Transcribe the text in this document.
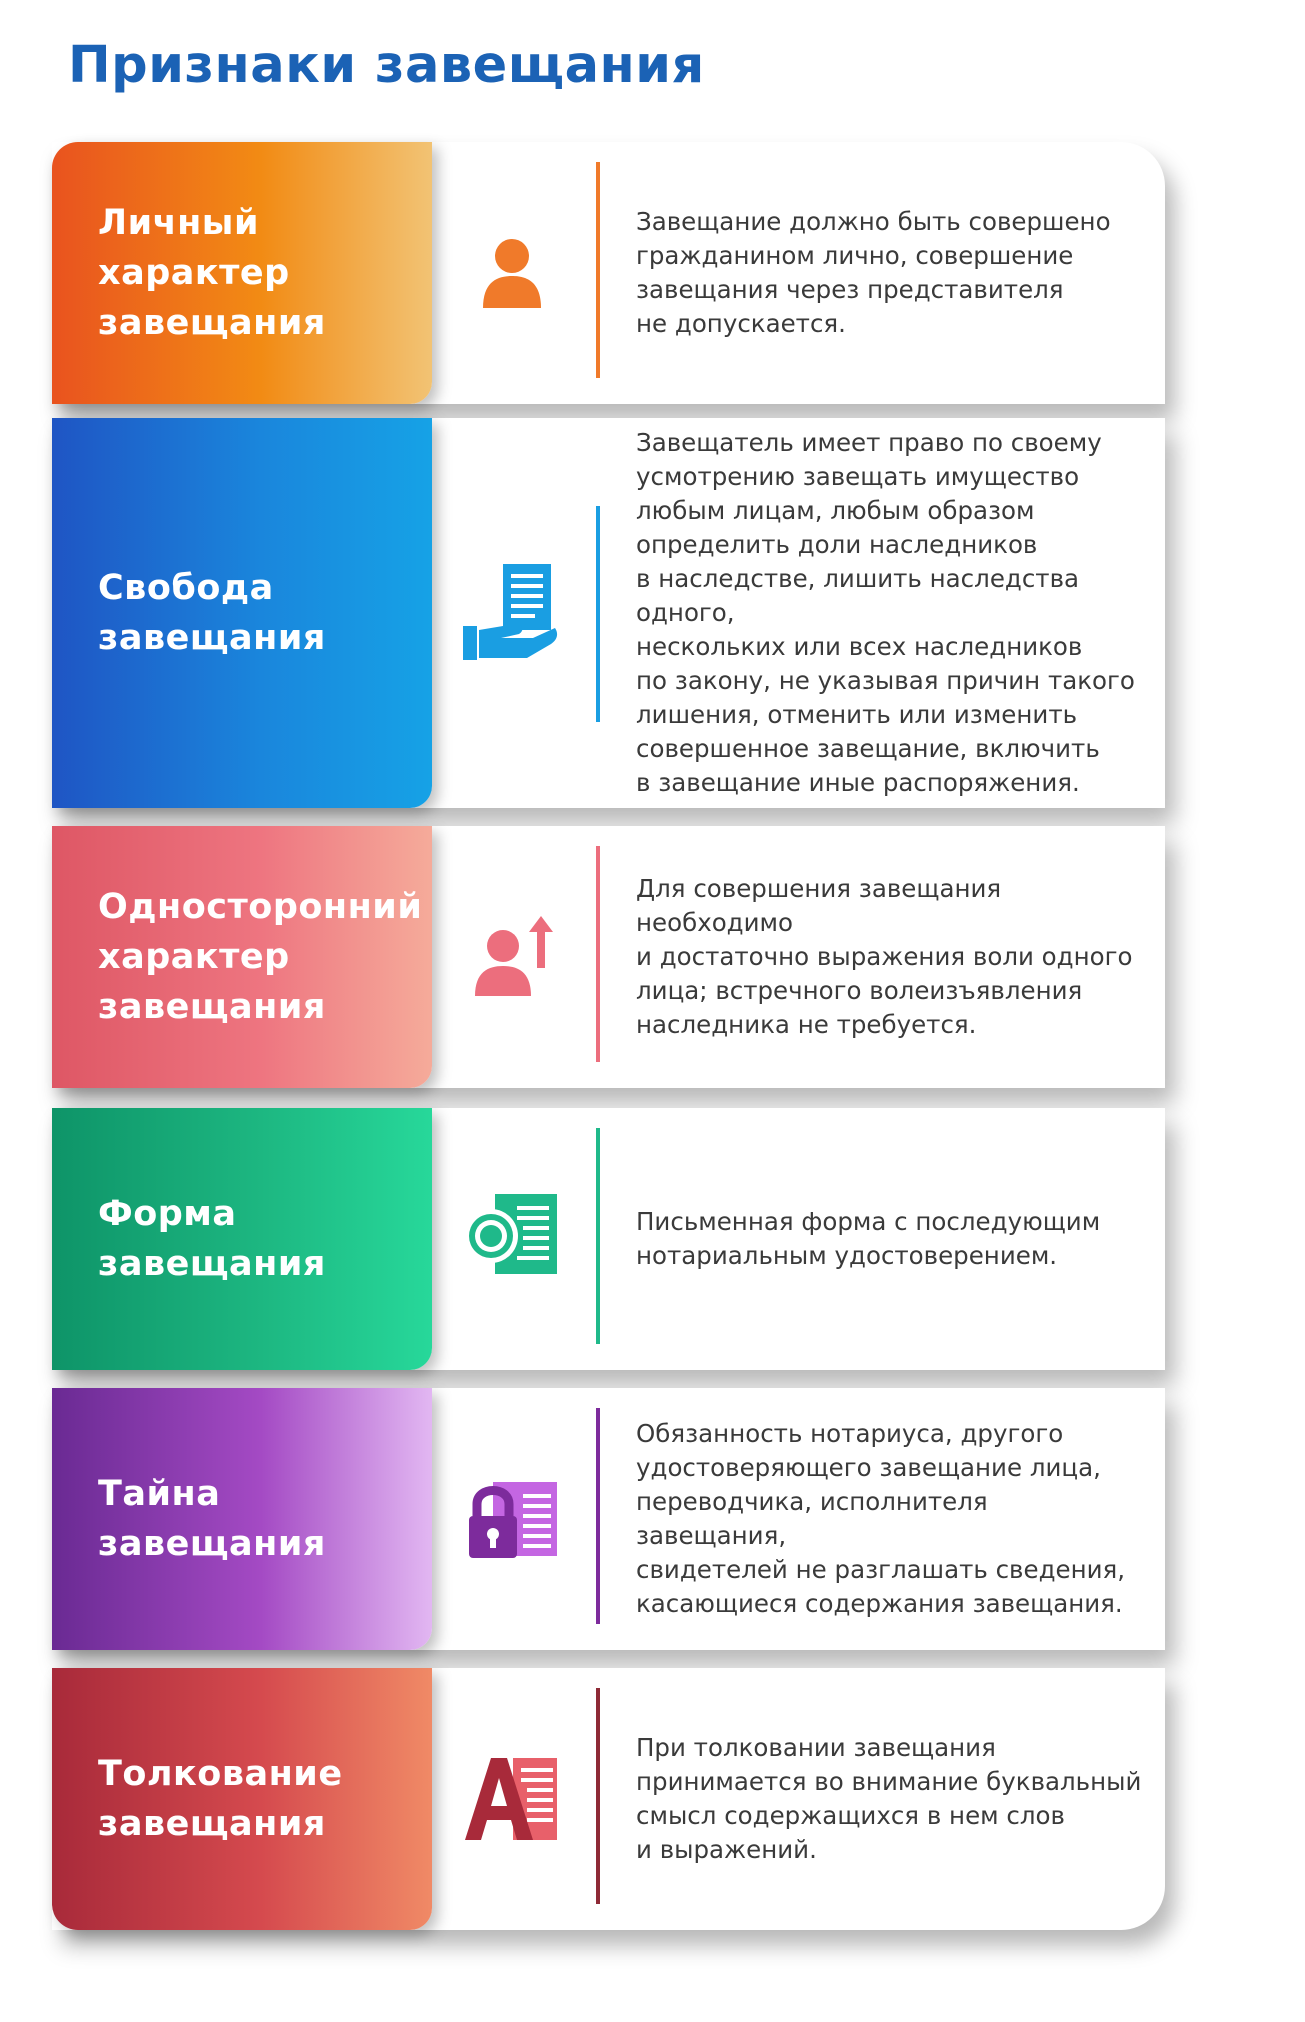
Признаки завещания
Личный характер
завещания
Завещание должно быть совершено
гражданином лично, совершение
завещания через представителя
не допускается.
Свобода
завещания
Завещатель имеет право по своему
усмотрению завещать имущество
любым лицам, любым образом
определить доли наследников
в наследстве, лишить наследства одного,
нескольких или всех наследников
по закону, не указывая причин такого
лишения, отменить или изменить
совершенное завещание, включить
в завещание иные распоряжения.
Односторонний
характер
завещания
Для совершения завещания необходимо
и достаточно выражения воли одного
лица; встречного волеизъявления
наследника не требуется.
Форма
завещания
Письменная форма с последующим
нотариальным удостоверением.
Тайна
завещания
Обязанность нотариуса, другого
удостоверяющего завещание лица,
переводчика, исполнителя завещания,
свидетелей не разглашать сведения,
касающиеся содержания завещания.
Толкование
завещания
При толковании завещания
принимается во внимание буквальный
смысл содержащихся в нем слов
и выражений.
